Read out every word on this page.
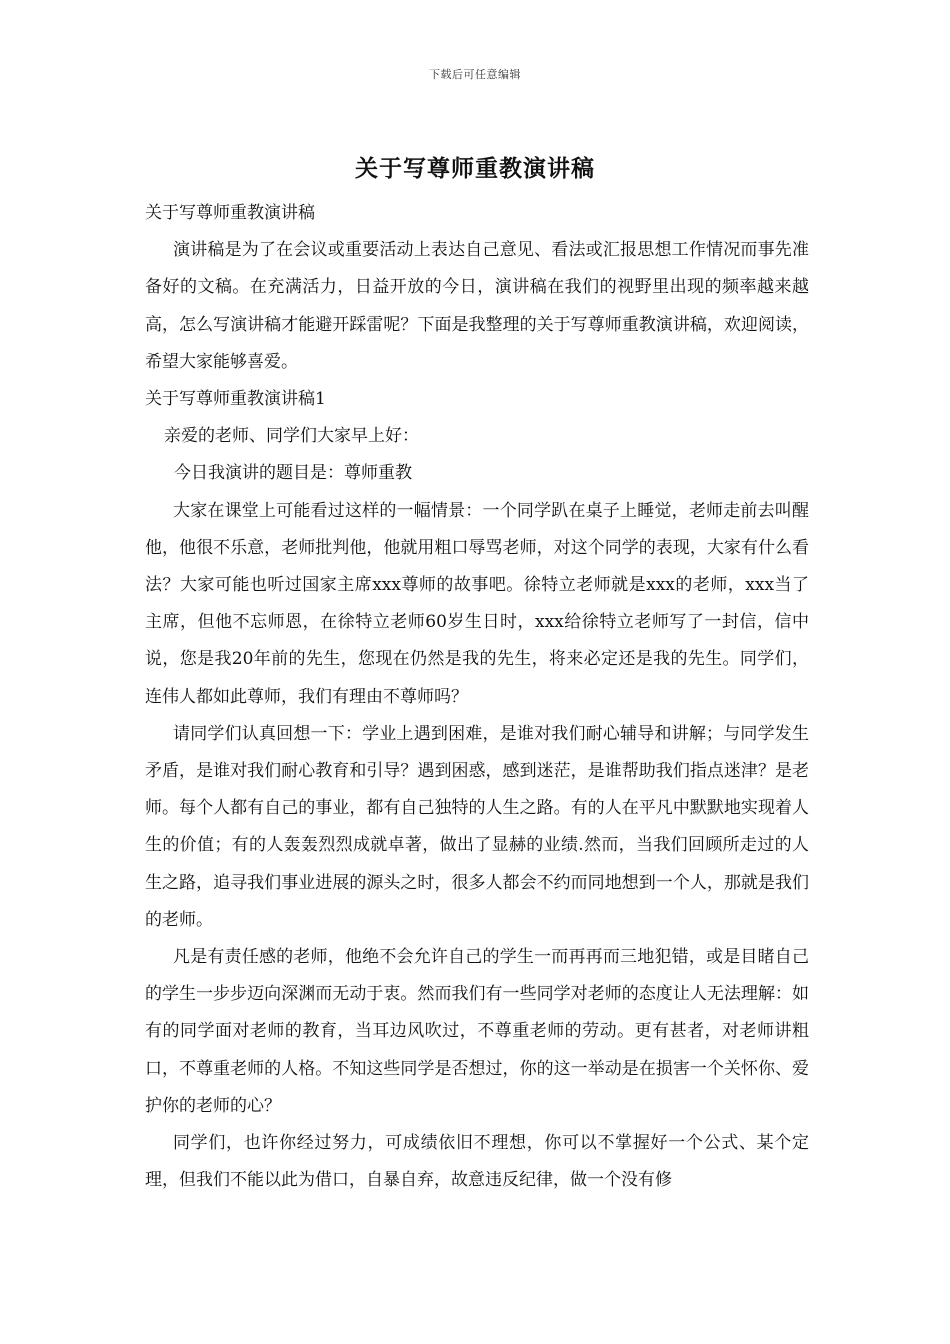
下载后可任意编辑
关于写尊师重教演讲稿

关于写尊师重教演讲稿

演讲稿是为了在会议或重要活动上表达自己意见、看法或汇报思想工作情况而事先准备好的文稿。在充满活力，日益开放的今日，演讲稿在我们的视野里出现的频率越来越高，怎么写演讲稿才能避开踩雷呢？下面是我整理的关于写尊师重教演讲稿，欢迎阅读，希望大家能够喜爱。

关于写尊师重教演讲稿1

亲爱的老师、同学们大家早上好：

今日我演讲的题目是：尊师重教

大家在课堂上可能看过这样的一幅情景：一个同学趴在桌子上睡觉，老师走前去叫醒他，他很不乐意，老师批判他，他就用粗口辱骂老师，对这个同学的表现，大家有什么看法？大家可能也听过国家主席xxx尊师的故事吧。徐特立老师就是xxx的老师，xxx当了主席，但他不忘师恩，在徐特立老师60岁生日时，xxx给徐特立老师写了一封信，信中说，您是我20年前的先生，您现在仍然是我的先生，将来必定还是我的先生。同学们，连伟人都如此尊师，我们有理由不尊师吗？

请同学们认真回想一下：学业上遇到困难，是谁对我们耐心辅导和讲解；与同学发生矛盾，是谁对我们耐心教育和引导？遇到困惑，感到迷茫，是谁帮助我们指点迷津？是老师。每个人都有自己的事业，都有自己独特的人生之路。有的人在平凡中默默地实现着人生的价值；有的人轰轰烈烈成就卓著，做出了显赫的业绩.然而，当我们回顾所走过的人生之路，追寻我们事业进展的源头之时，很多人都会不约而同地想到一个人，那就是我们的老师。

凡是有责任感的老师，他绝不会允许自己的学生一而再再而三地犯错，或是目睹自己的学生一步步迈向深渊而无动于衷。然而我们有一些同学对老师的态度让人无法理解：如有的同学面对老师的教育，当耳边风吹过，不尊重老师的劳动。更有甚者，对老师讲粗口，不尊重老师的人格。不知这些同学是否想过，你的这一举动是在损害一个关怀你、爱护你的老师的心？

同学们，也许你经过努力，可成绩依旧不理想，你可以不掌握好一个公式、某个定理，但我们不能以此为借口，自暴自弃，故意违反纪律，做一个没有修
